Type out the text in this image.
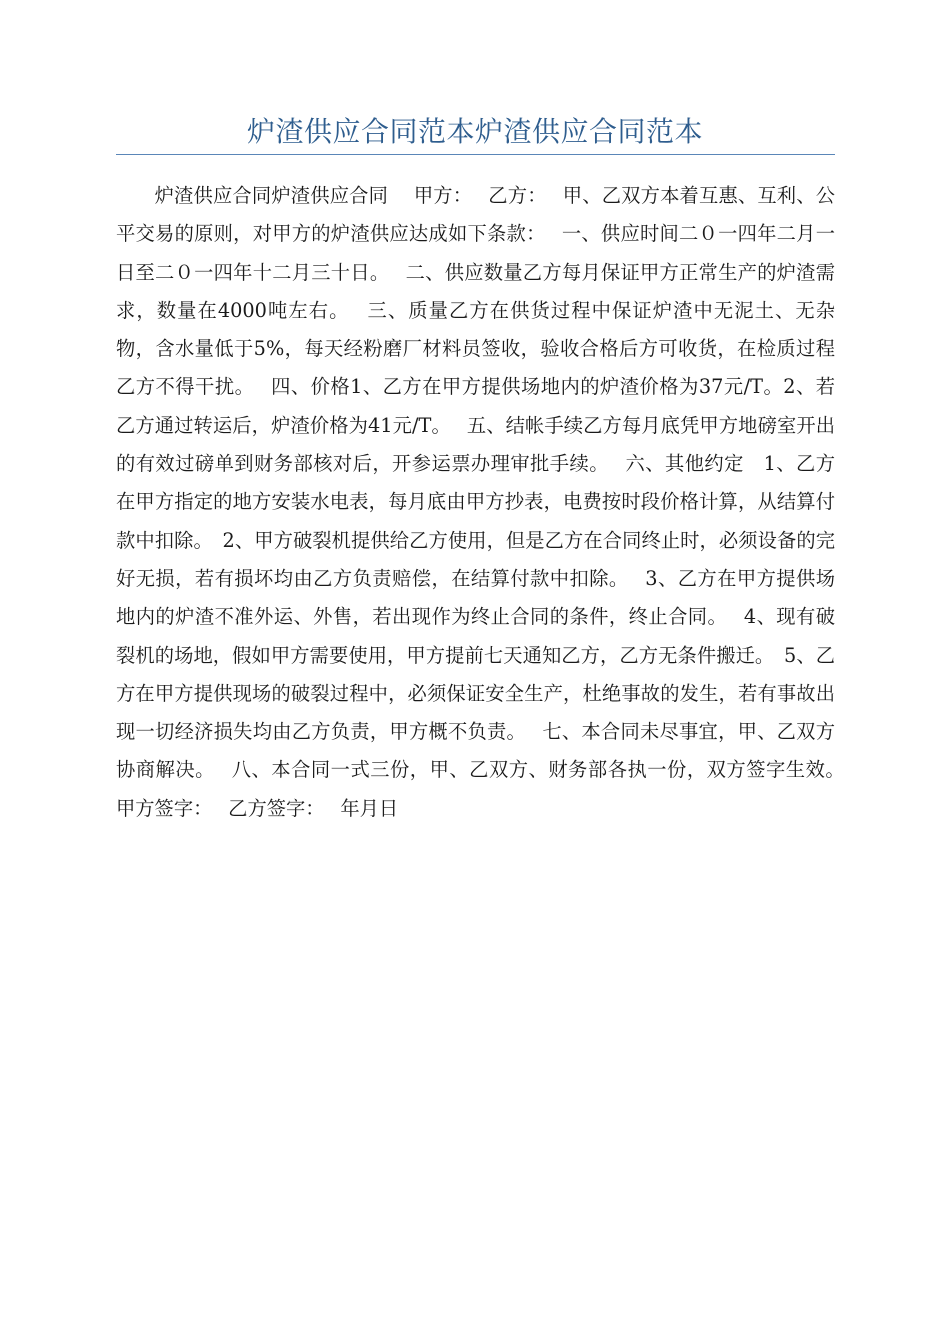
炉渣供应合同范本炉渣供应合同范本

炉渣供应合同炉渣供应合同　 甲方：　 乙方：　 甲、乙双方本着互惠、互利、公平交易的原则，对甲方的炉渣供应达成如下条款：　 一、供应时间二０一四年二月一日至二０一四年十二月三十日。　 二、供应数量乙方每月保证甲方正常生产的炉渣需求，数量在4000吨左右。　 三、质量乙方在供货过程中保证炉渣中无泥土、无杂物，含水量低于5%，每天经粉磨厂材料员签收，验收合格后方可收货，在检质过程乙方不得干扰。　 四、价格1、乙方在甲方提供场地内的炉渣价格为37元/T。2、若乙方通过转运后，炉渣价格为41元/T。　 五、结帐手续乙方每月底凭甲方地磅室开出的有效过磅单到财务部核对后，开参运票办理审批手续。　 六、其他约定　1、乙方在甲方指定的地方安装水电表，每月底由甲方抄表，电费按时段价格计算，从结算付款中扣除。　2、甲方破裂机提供给乙方使用，但是乙方在合同终止时，必须设备的完好无损，若有损坏均由乙方负责赔偿，在结算付款中扣除。　 3、乙方在甲方提供场地内的炉渣不准外运、外售，若出现作为终止合同的条件，终止合同。　 4、现有破裂机的场地，假如甲方需要使用，甲方提前七天通知乙方，乙方无条件搬迁。　5、乙方在甲方提供现场的破裂过程中，必须保证安全生产，杜绝事故的发生，若有事故出现一切经济损失均由乙方负责，甲方概不负责。　 七、本合同未尽事宜，甲、乙双方协商解决。　 八、本合同一式三份，甲、乙双方、财务部各执一份，双方签字生效。　 甲方签字：　 乙方签字：　 年月日
